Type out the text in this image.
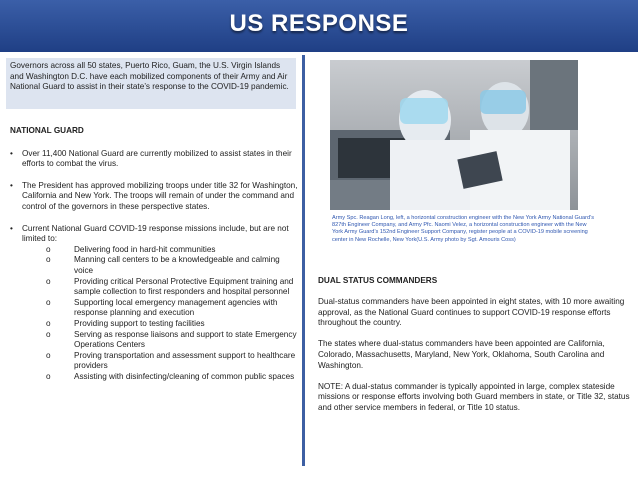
US RESPONSE
Governors across all 50 states, Puerto Rico, Guam, the U.S. Virgin Islands and Washington D.C. have each mobilized components of their Army and Air National Guard to assist in their state’s response to the COVID-19 pandemic.
NATIONAL GUARD
• Over 11,400 National Guard are currently mobilized to assist states in their efforts to combat the virus.
• The President has approved mobilizing troops under title 32 for Washington, California and New York. The troops will remain of under the command and control of the governors in these perspective states.
• Current National Guard COVID-19 response missions include, but are not limited to:
o	Delivering food in hard-hit communities
o	Manning call centers to be a knowledgeable and calming voice
o	Providing critical Personal Protective Equipment training and sample collection to first responders and hospital personnel
o	Supporting local emergency management agencies with response planning and execution
o	Providing support to testing facilities
o	Serving as response liaisons and support to state Emergency Operations Centers
o	Proving transportation and assessment support to healthcare providers
o	Assisting with disinfecting/cleaning of common public spaces
Army Spc. Reagan Long, left, a horizontal construction engineer with the New York Army National Guard’s 827th Engineer Company, and Army Pfc. Naomi Velez, a horizontal construction engineer with the New York Army Guard’s 152nd Engineer Support Company, register people at a COVID-19 mobile screening center in New Rochelle, New York(U.S. Army photo by Sgt. Amouris Coss)
DUAL STATUS COMMANDERS

Dual-status commanders have been appointed in eight states, with 10 more awaiting approval, as the National Guard continues to support COVID-19 response efforts throughout the country.

The states where dual-status commanders have been appointed are California, Colorado, Massachusetts, Maryland, New York, Oklahoma, South Carolina and Washington.

NOTE: A dual-status commander is typically appointed in large, complex stateside missions or response efforts involving both Guard members in state, or Title 32, status and other service members in federal, or Title 10 status.
